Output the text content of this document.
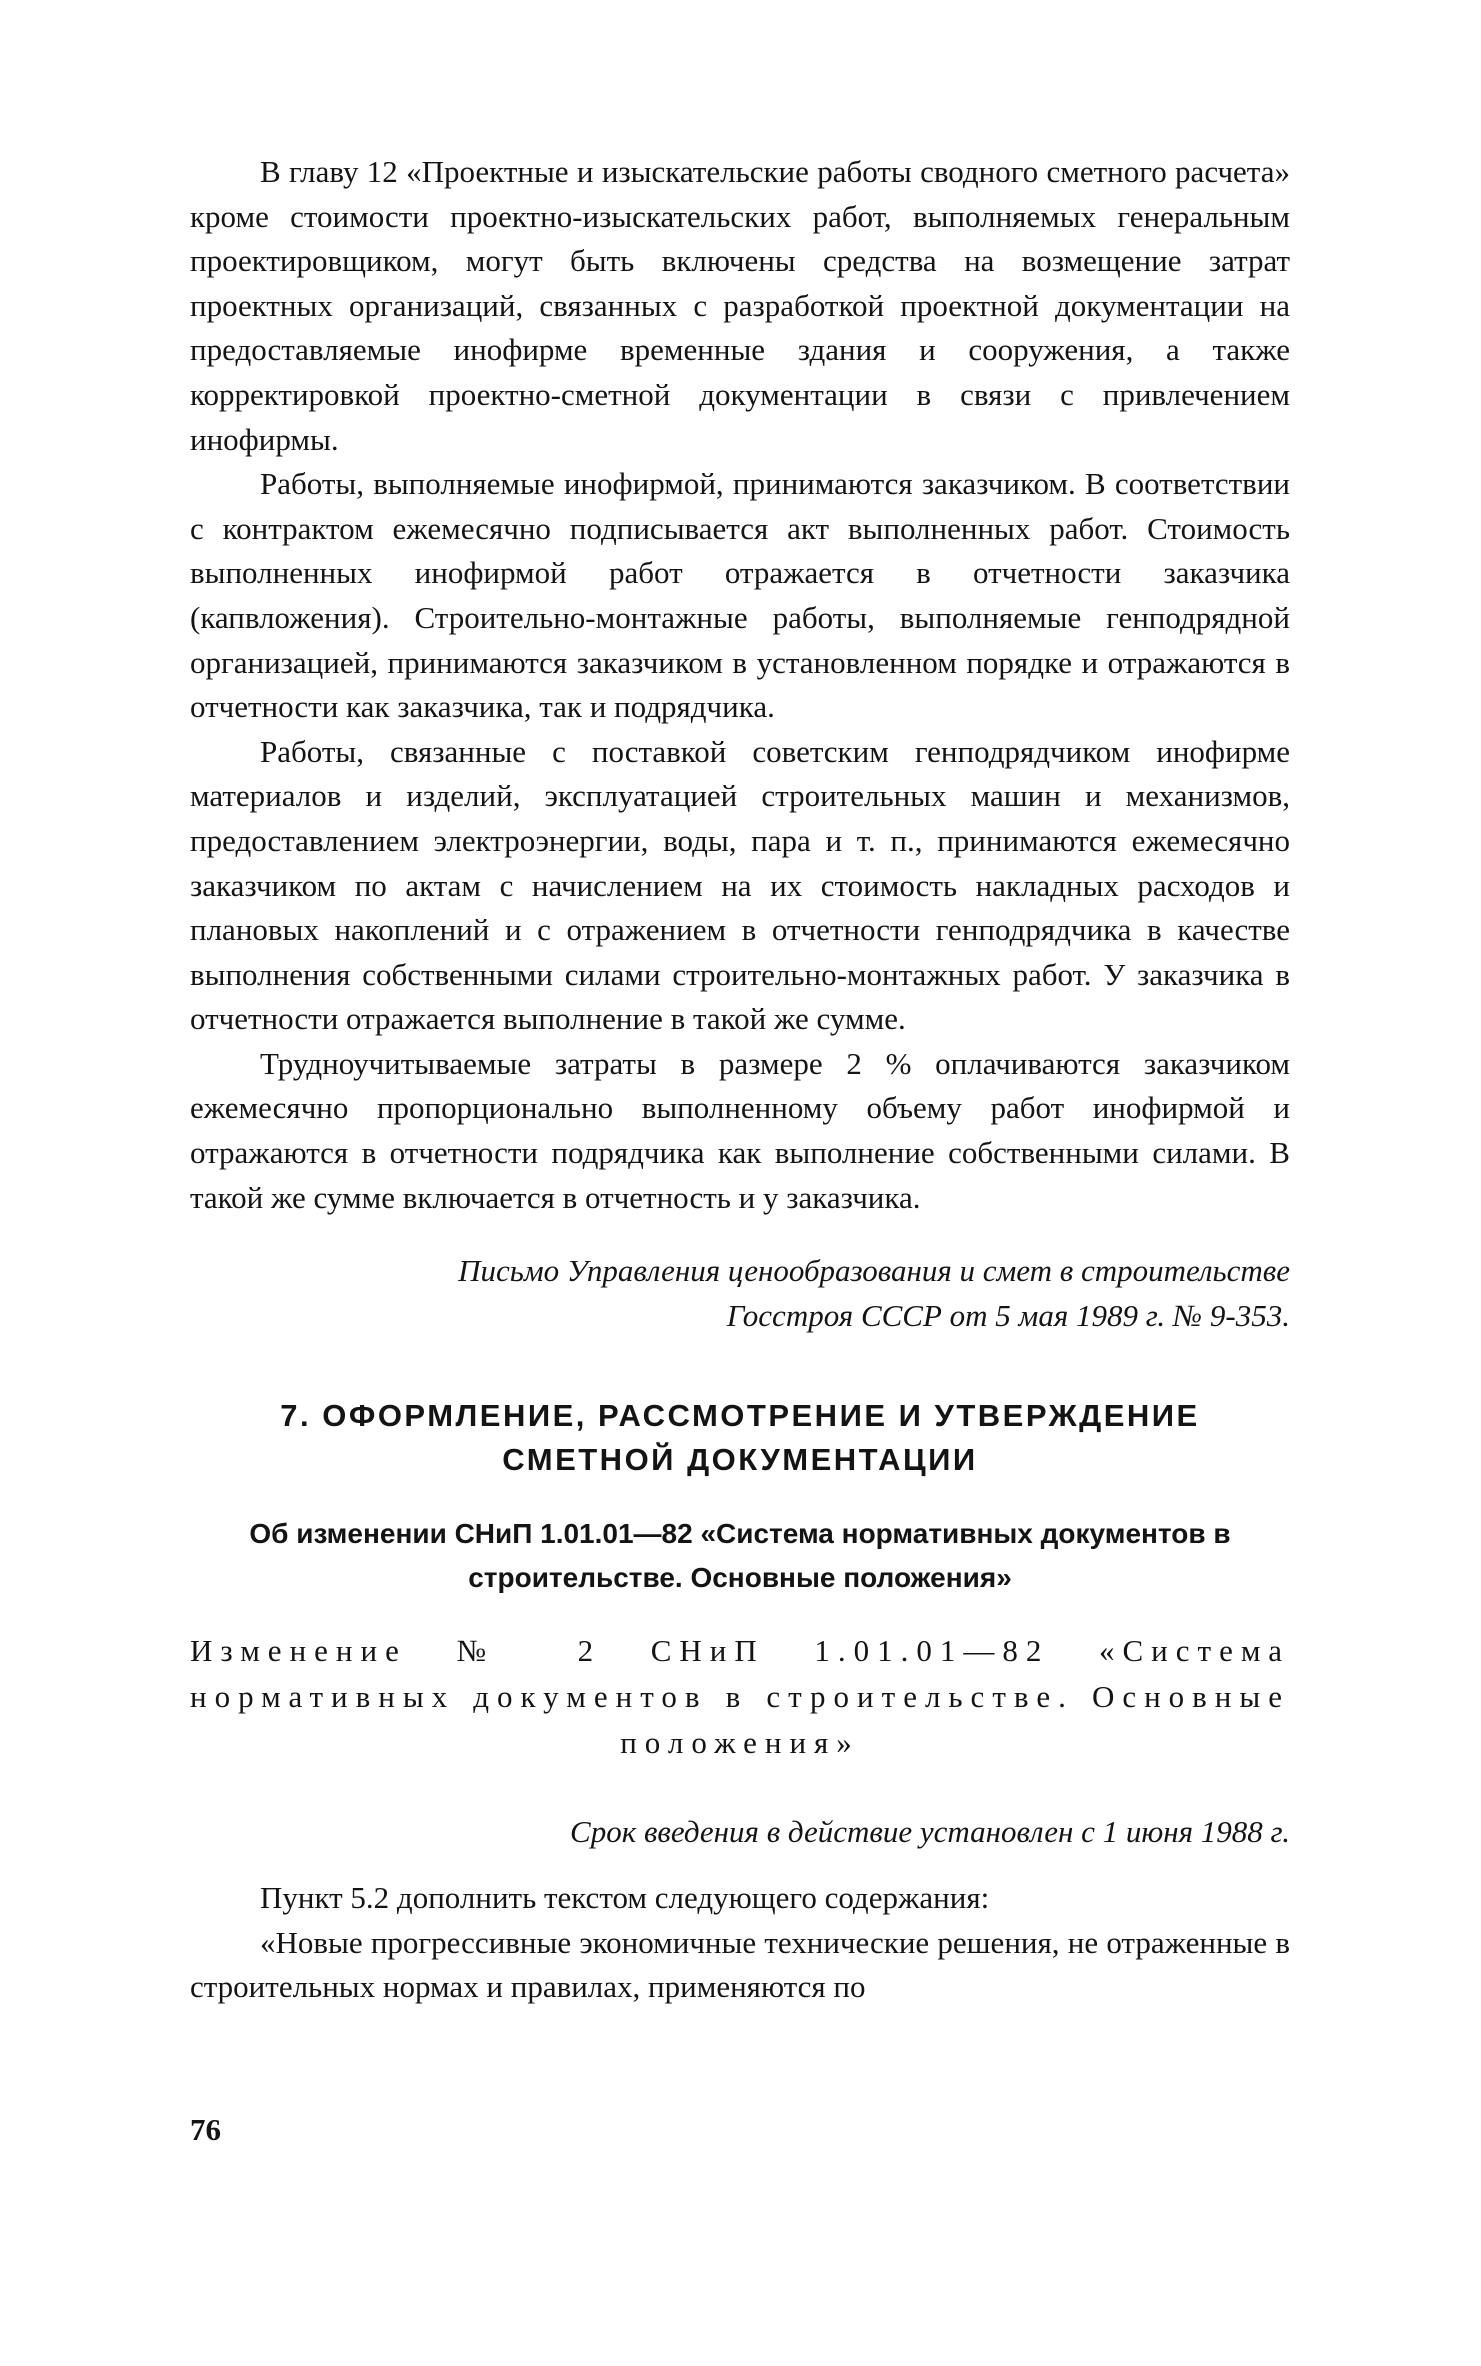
В главу 12 «Проектные и изыскательские работы сводного сметного расчета» кроме стоимости проектно-изыскательских работ, выполняемых генеральным проектировщиком, могут быть включены средства на возмещение затрат проектных организаций, связанных с разработкой проектной документации на предоставляемые инофирме временные здания и сооружения, а также корректировкой проектно-сметной документации в связи с привлечением инофирмы.

Работы, выполняемые инофирмой, принимаются заказчиком. В соответствии с контрактом ежемесячно подписывается акт выполненных работ. Стоимость выполненных инофирмой работ отражается в отчетности заказчика (капвложения). Строительно-монтажные работы, выполняемые генподрядной организацией, принимаются заказчиком в установленном порядке и отражаются в отчетности как заказчика, так и подрядчика.

Работы, связанные с поставкой советским генподрядчиком инофирме материалов и изделий, эксплуатацией строительных машин и механизмов, предоставлением электроэнергии, воды, пара и т. п., принимаются ежемесячно заказчиком по актам с начислением на их стоимость накладных расходов и плановых накоплений и с отражением в отчетности генподрядчика в качестве выполнения собственными силами строительно-монтажных работ. У заказчика в отчетности отражается выполнение в такой же сумме.

Трудноучитываемые затраты в размере 2 % оплачиваются заказчиком ежемесячно пропорционально выполненному объему работ инофирмой и отражаются в отчетности подрядчика как выполнение собственными силами. В такой же сумме включается в отчетность и у заказчика.

Письмо Управления ценообразования и смет в строительстве Госстроя СССР от 5 мая 1989 г. № 9-353.

7. ОФОРМЛЕНИЕ, РАССМОТРЕНИЕ И УТВЕРЖДЕНИЕ СМЕТНОЙ ДОКУМЕНТАЦИИ
Об изменении СНиП 1.01.01—82 «Система нормативных документов в строительстве. Основные положения»

Изменение № 2 СНиП 1.01.01—82 «Система нормативных документов в строительстве. Основные положения»

Срок введения в действие установлен с 1 июня 1988 г.

Пункт 5.2 дополнить текстом следующего содержания:

«Новые прогрессивные экономичные технические решения, не отраженные в строительных нормах и правилах, применяются по

76
